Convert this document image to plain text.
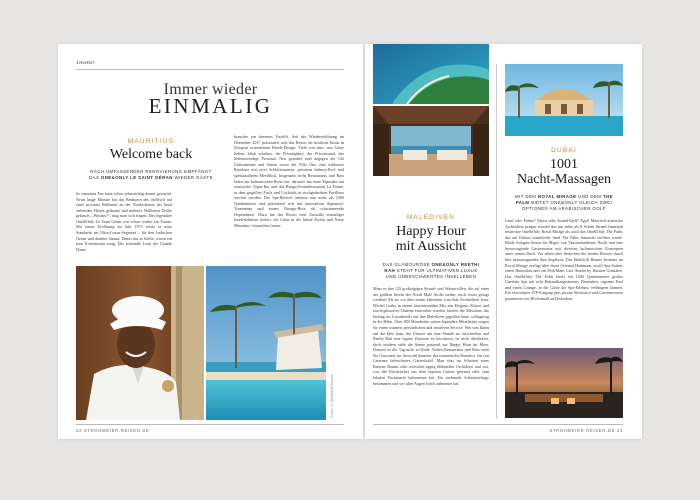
Jetsetter
Immer wieder
EINMALIG
MAURITIUS
Welcome back
NACH UMFASSENDER RENOVIERUNG EMPFÄNGT DAS ONE&ONLY LE SAINT GÉRAN WIEDER GÄSTE
So manchen Fan hatte schon sehnsüchtig darauf gewartet: Neun lange Monate hat das Bedauern des idyllisch auf einer privaten Halbinsel an der Nordostküste der Insel stehenden Hotels gedauert und mehrere Millionen Dollar gekostet. „Woraus?“, mag man sich fragen. Das legendäre One&Only Le Saint Géran war schon vorher ein Traum. Mit seiner Eröffnung im Jahr 1975 setzte es neue Standards im Ultra-Luxus-Segment – für den Indischen Ozean und darüber hinaus. Damit das so bleibt, waren ein paar Korrekturen nötig. Der koloniale Look der Grande Dame
brauchte ein dezentes Facelift. Seit der Wiedereröffnung im Dezember 2017 präsentiert sich das Resort als moderne Ikone in Zeitgeist orientiertem Beach-Design. Viele von dem, was Gäste lieben, blieb erhalten: die Privatsphäre, der Privatstrand, das liebenswürdige Personal. Neu gestaltet sind dagegen die 142 Gästezimmer und Suiten sowie die Villa One, eine exklusive Residenz mit zwei Schlafzimmern, privatem Infinity-Pool und spektakulärem Meerblick. Insgesamt sechs Restaurants und Bars laden zur kulinarischen Reise ein, darunter das neue Tapasake mit asiatischer Tapas-Bar und das Bungo-Strandrestaurant La Pointe, in dem gegrillter Fisch und Cocktails in strohgedeckten Pavillons serviert werden. Der Spa-Bereich umfasst nun mehr als 1000 Quadratmeter und präsentiert sich mit innovativen Signature-Treatments und einem Vintage-Boot als schwimmende Dependance. Dazu hat das Resort eine Auswahl einmaliger Inselerlebnisse kreiert, die Gäste in die lokale Kultur und Natur Mauritius' eintauchen lassen.
Fotos: © One&Only Resorts
22 STROHMEIER.REISEN.DE
MALEDIVEN
Happy Hour
mit Aussicht
DAS GLAMOURÖSE ONE&ONLY REETHI RAH STEHT FÜR ULTIMATIVEN LUXUS UND UNBESCHWERTES INSELLEBEN
Muss es den 125 großzügigen Strand- und Wasservillen, die auf einer der größten Inseln des North Male Atolls stehen, noch etwas gesagt werden? Als sie vor über einem Jahrzehnt vom Star-Architekten Jean-Michel Gathy in einem faszinierenden Mix aus Eleganz, Klasse und touchyplusoiver Charme entworfen wurden, klettert die Messlatte, die bislang für Luxushotels auf den Malediven gegolten hatte, schlagartig in die Höhe. Über 800 Mitarbeiter setzen legendäre Mitarbeiter sorgen für einen warmen, persönlichen und intuitiven Service. Wer von Ihnen auf die Idee kam, die Uhrzeit um eine Stunde zu verschieben und Reethi Rah eine eigene Zeitzone zu bescheren, ist nicht überliefert, doch seitdem sieht die Sonne passend zur Happy Hour im Meer. Danach ist der Tag nicht zu Ende: Neben Restaurants und Bars zieht Sie Gourmets zur Auswahl darunter das romantische Botanica, ein von Laternen beleuchtetes Gartenlokal. Man sitzt im Schatten eines Banyan Baums oder zwischen üppig blühenden Orchideen und isst, was der Küchenchef aus dem eigenen Garten geerntet oder vom lokalen Fischmarkt bekommen hat. Ein mehrmals Schmetterlinge bekommen und vor aller Augen frisch zubereitet hat.
DUBAI
1001
Nacht-Massagen
MIT DEM ROYAL MIRAGE UND DEM THE PALM BIETET ONE&ONLY GLEICH ZWEI OPTIONEN AM ARABISCHEN GOLF
Land oder Palme? Palast oder Strand-Idyll? Egal! Maurisch-arabische Architektur prägen sowohl das um mehr als 6 Schritt Strand Jumeirah erstreckte One&Only Royal Mirage als auch das One&Only The Palm, das auf Dubais künstlicher Insel The Palm Jumeirah eröffnet wurde. Beide Anlagen bieten die Magie von Tausendundeiner Nacht und eine hervorragende Gastronomie mit diversen kulinarischen Konzepten unter einem Dach. Vor allem aber bestechen die beiden Resorts durch ihre herausragenden Spa-Angebote. Das Health & Beauty Institute im Royal Mirage verfügt über einen Oriental Hammam, zwölf Spa-Suiten, einen Haarsalon und ein Pedi/Mani Care Studio by Bastien Gonzalez. Das One&Only The Palm bietet ein 1200 Quadratmeter großes Guerlain Spa mit acht Behandlungsräumen. Besonders, eigenen Pool und einen Lounge, in der Gäste die Spa-Erlebnis verlängern können. Ein verwöhnter VIP-Eingang plus private Ressource und Gartenterrasse garantieren ein Höchstmaß an Diskretion.
STROHMEIER.REISEN.DE 23
